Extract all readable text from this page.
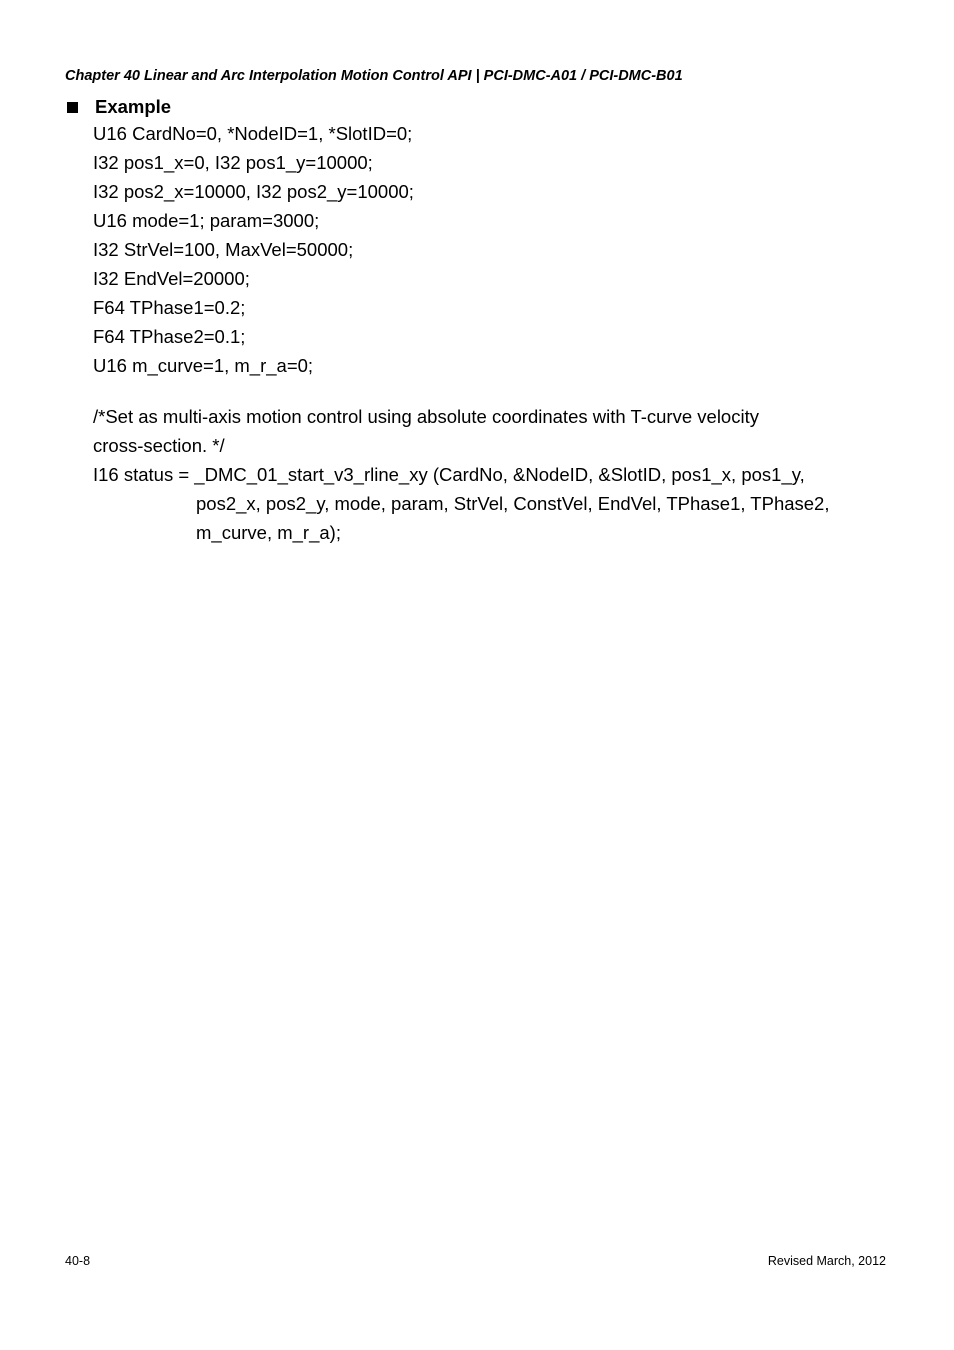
Chapter 40 Linear and Arc Interpolation Motion Control API | PCI-DMC-A01 / PCI-DMC-B01
Example
U16 CardNo=0, *NodeID=1, *SlotID=0;
I32 pos1_x=0, I32 pos1_y=10000;
I32 pos2_x=10000, I32 pos2_y=10000;
U16 mode=1; param=3000;
I32 StrVel=100, MaxVel=50000;
I32 EndVel=20000;
F64 TPhase1=0.2;
F64 TPhase2=0.1;
U16 m_curve=1, m_r_a=0;
/*Set as multi-axis motion control using absolute coordinates with T-curve velocity
cross-section. */
I16 status = _DMC_01_start_v3_rline_xy (CardNo, &NodeID, &SlotID, pos1_x, pos1_y,
pos2_x, pos2_y, mode, param, StrVel, ConstVel, EndVel, TPhase1, TPhase2,
m_curve, m_r_a);
40-8	Revised March, 2012
